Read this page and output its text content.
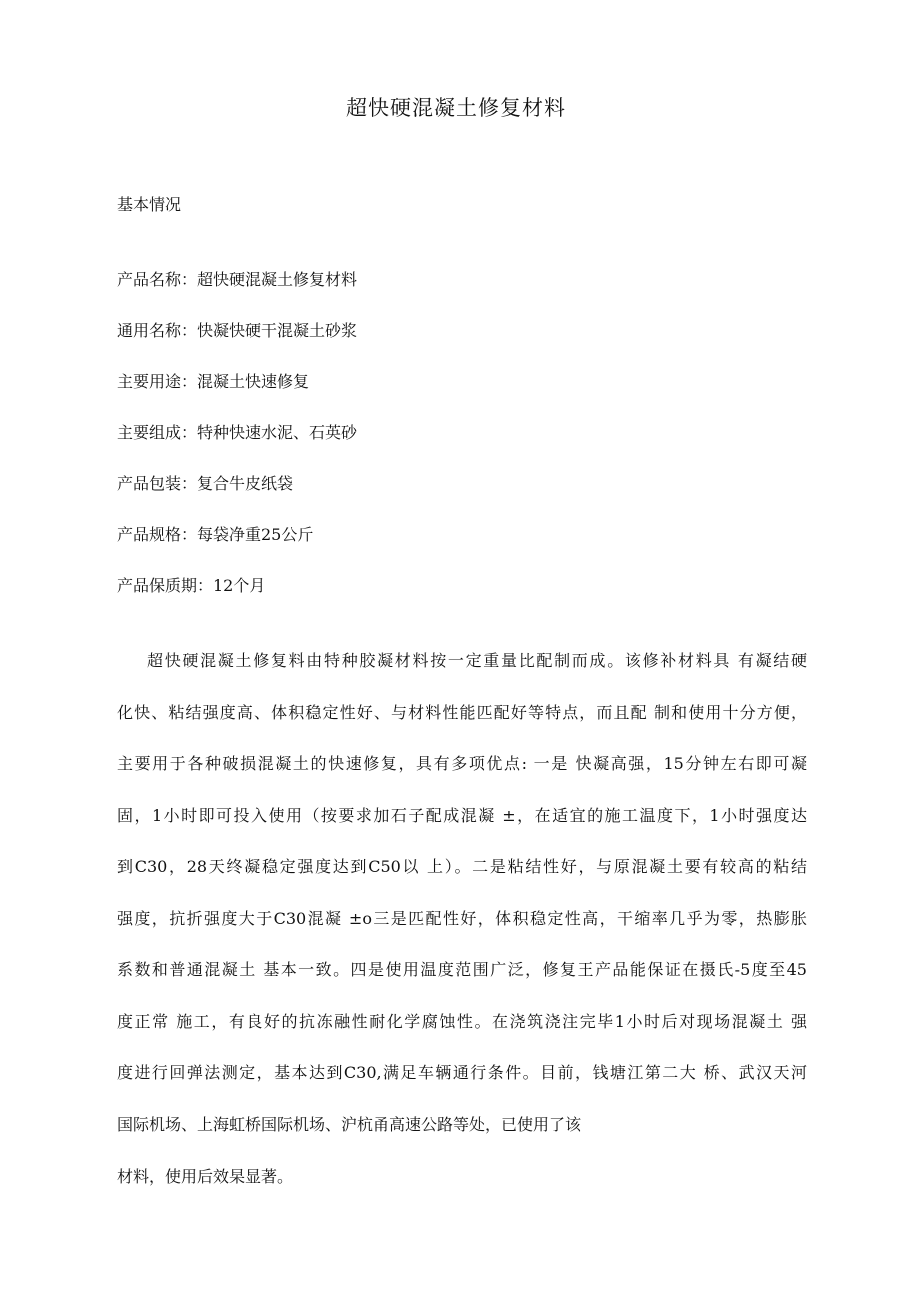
超快硬混凝土修复材料
基本情况
产品名称：超快硬混凝土修复材料
通用名称：快凝快硬干混凝土砂浆
主要用途：混凝土快速修复
主要组成：特种快速水泥、石英砂
产品包装：复合牛皮纸袋
产品规格：每袋净重25公斤
产品保质期：12个月
超快硬混凝土修复料由特种胶凝材料按一定重量比配制而成。该修补材料具 有凝结硬
化快、粘结强度高、体积稳定性好、与材料性能匹配好等特点，而且配 制和使用十分方便，
主要用于各种破损混凝土的快速修复，具有多项优点: 一是 快凝高强，15分钟左右即可凝
固，1小时即可投入使用（按要求加石子配成混凝 ±，在适宜的施工温度下，1小时强度达
到C30，28天终凝稳定强度达到C50以 上）。二是粘结性好，与原混凝土要有较高的粘结
强度，抗折强度大于C30混凝 ±o三是匹配性好，体积稳定性高，干缩率几乎为零，热膨胀
系数和普通混凝土 基本一致。四是使用温度范围广泛，修复王产品能保证在摄氏-5度至45
度正常 施工，有良好的抗冻融性耐化学腐蚀性。在浇筑浇注完毕1小时后对现场混凝土 强
度进行回弹法测定，基本达到C30,满足车辆通行条件。目前，钱塘江第二大 桥、武汉天河
国际机场、上海虹桥国际机场、沪杭甬高速公路等处，已使用了该
材料，使用后效杲显著。
